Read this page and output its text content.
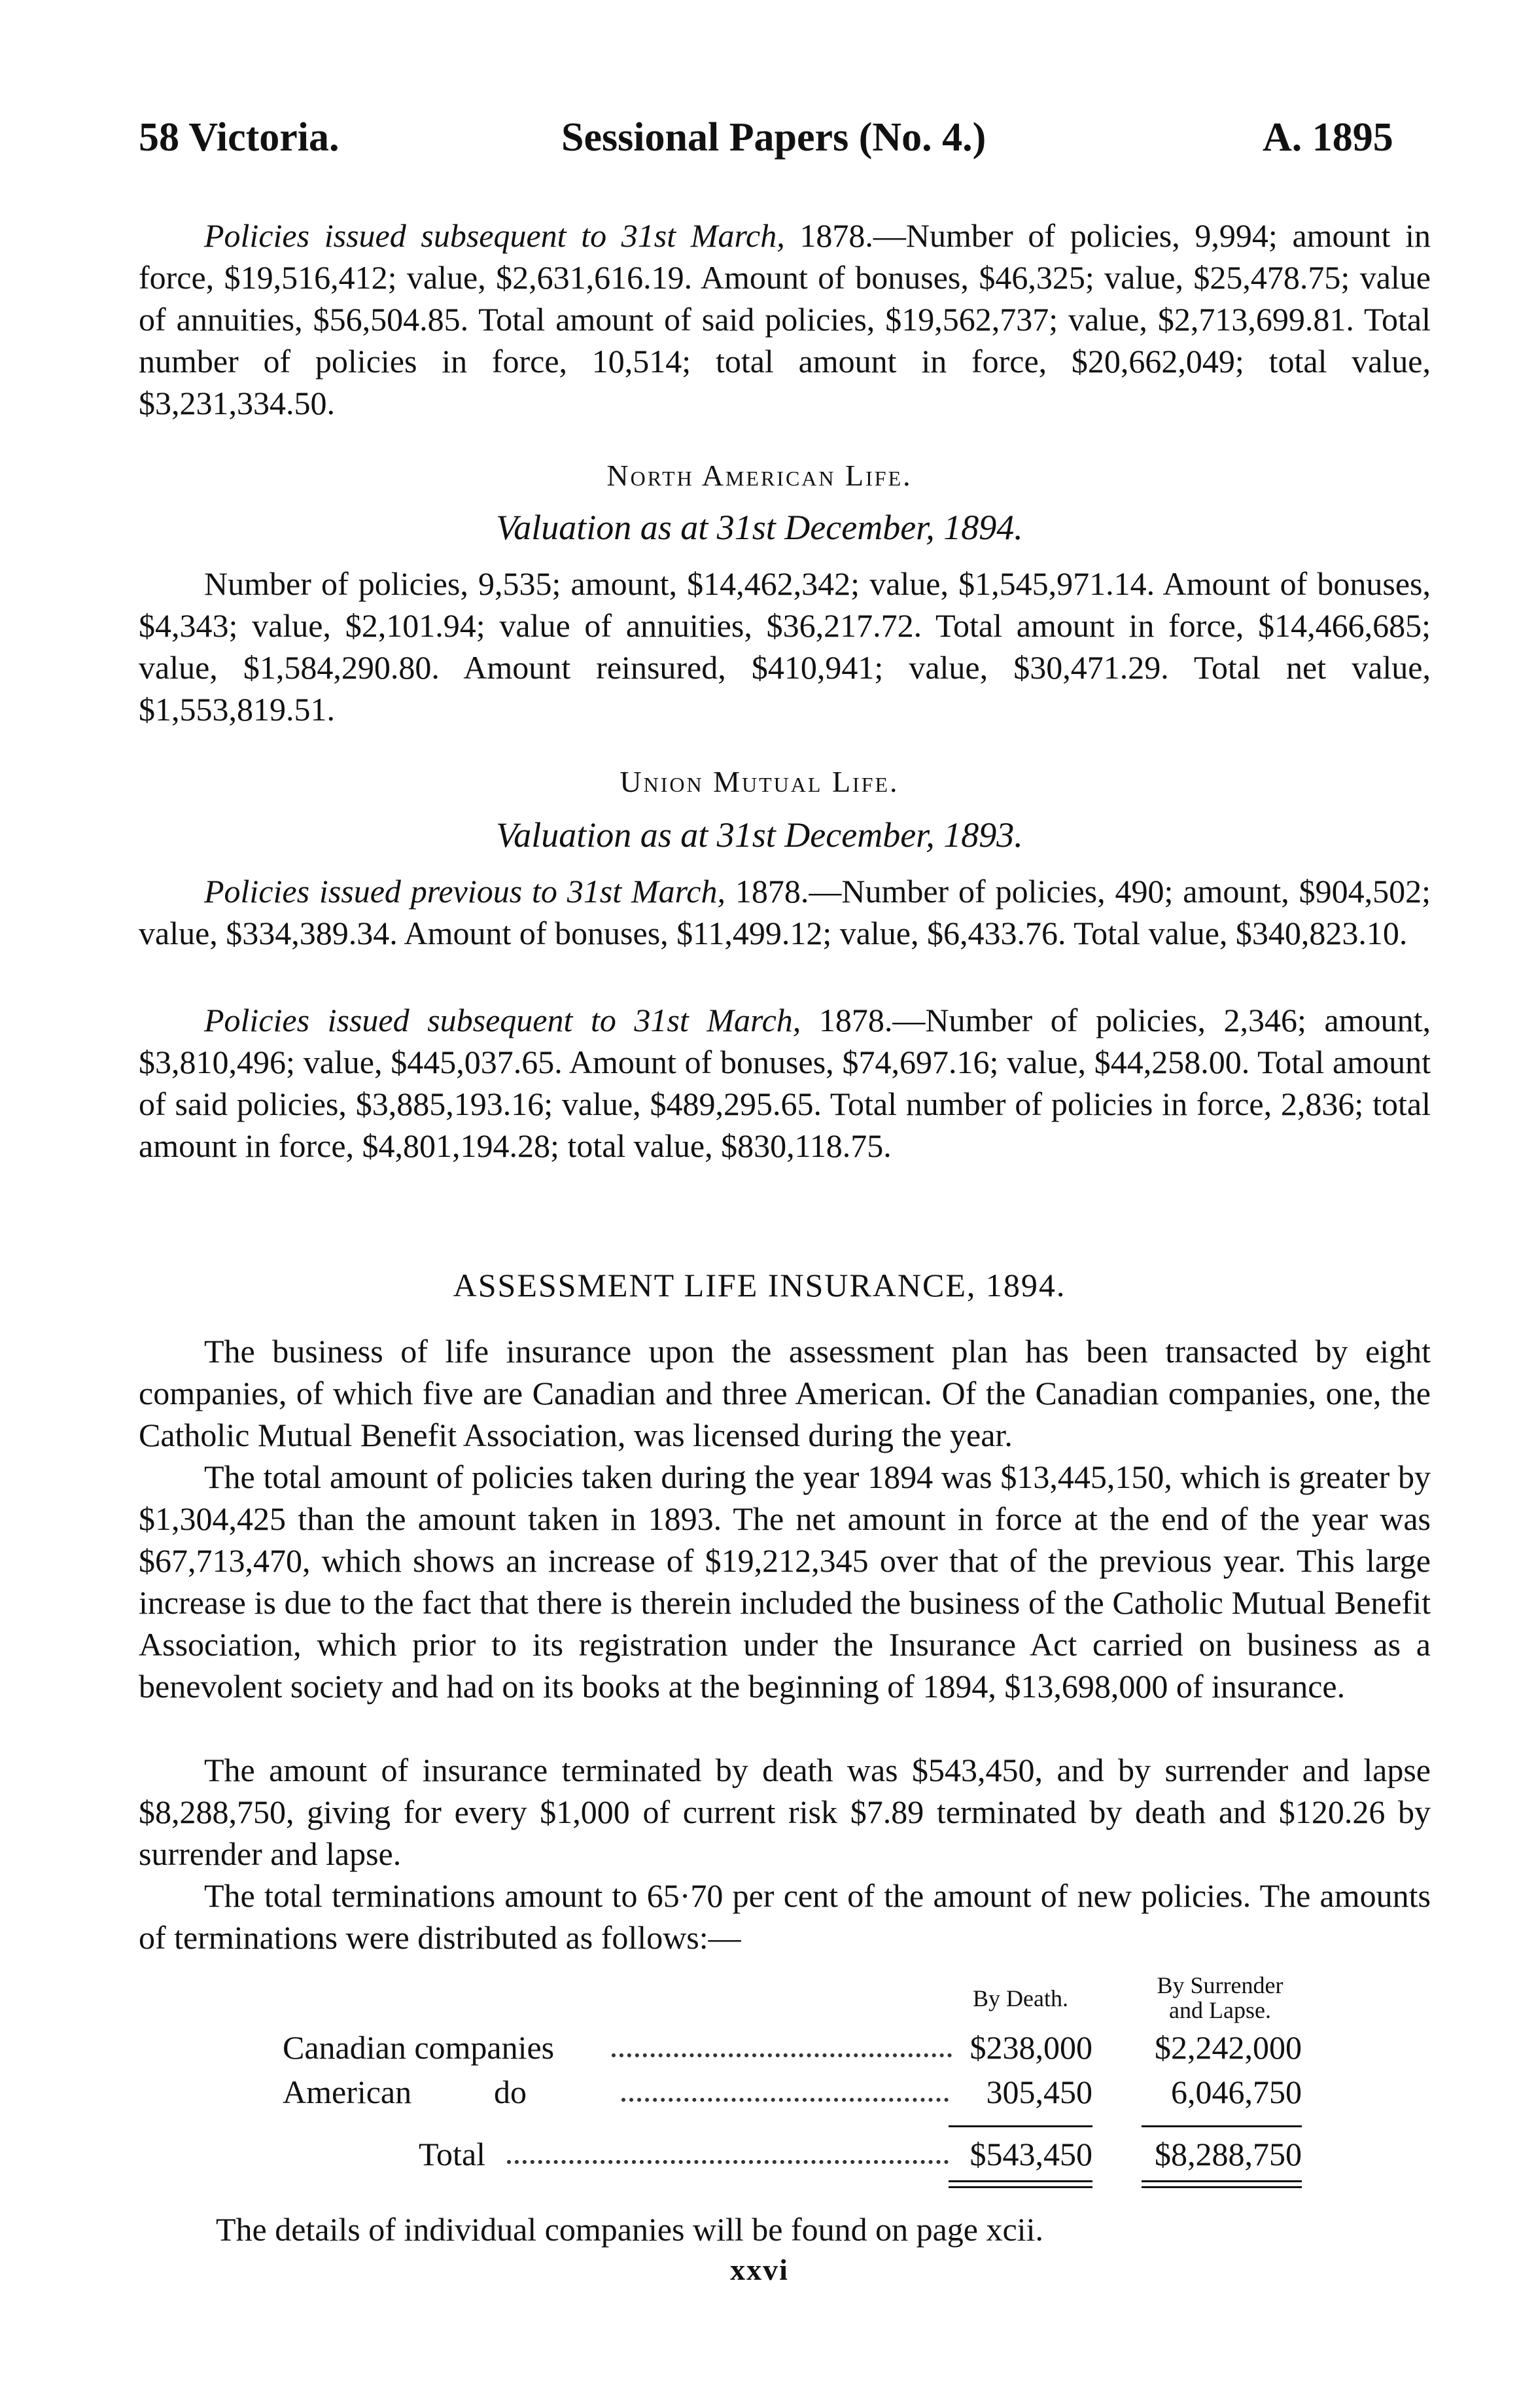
58 Victoria.	Sessional Papers (No. 4.)	A. 1895
Policies issued subsequent to 31st March, 1878.—Number of policies, 9,994; amount in force, $19,516,412; value, $2,631,616.19. Amount of bonuses, $46,325; value, $25,478.75; value of annuities, $56,504.85. Total amount of said policies, $19,562,737; value, $2,713,699.81. Total number of policies in force, 10,514; total amount in force, $20,662,049; total value, $3,231,334.50.
North American Life.
Valuation as at 31st December, 1894.
Number of policies, 9,535; amount, $14,462,342; value, $1,545,971.14. Amount of bonuses, $4,343; value, $2,101.94; value of annuities, $36,217.72. Total amount in force, $14,466,685; value, $1,584,290.80. Amount reinsured, $410,941; value, $30,471.29. Total net value, $1,553,819.51.
Union Mutual Life.
Valuation as at 31st December, 1893.
Policies issued previous to 31st March, 1878.—Number of policies, 490; amount, $904,502; value, $334,389.34. Amount of bonuses, $11,499.12; value, $6,433.76. Total value, $340,823.10.
Policies issued subsequent to 31st March, 1878.—Number of policies, 2,346; amount, $3,810,496; value, $445,037.65. Amount of bonuses, $74,697.16; value, $44,258.00. Total amount of said policies, $3,885,193.16; value, $489,295.65. Total number of policies in force, 2,836; total amount in force, $4,801,194.28; total value, $830,118.75.
ASSESSMENT LIFE INSURANCE, 1894.
The business of life insurance upon the assessment plan has been transacted by eight companies, of which five are Canadian and three American. Of the Canadian companies, one, the Catholic Mutual Benefit Association, was licensed during the year.
The total amount of policies taken during the year 1894 was $13,445,150, which is greater by $1,304,425 than the amount taken in 1893. The net amount in force at the end of the year was $67,713,470, which shows an increase of $19,212,345 over that of the previous year. This large increase is due to the fact that there is therein included the business of the Catholic Mutual Benefit Association, which prior to its registration under the Insurance Act carried on business as a benevolent society and had on its books at the beginning of 1894, $13,698,000 of insurance.
The amount of insurance terminated by death was $543,450, and by surrender and lapse $8,288,750, giving for every $1,000 of current risk $7.89 terminated by death and $120.26 by surrender and lapse.
The total terminations amount to 65·70 per cent of the amount of new policies. The amounts of terminations were distributed as follows:—
By Death.	By Surrender
and Lapse.
Canadian companies	$238,000	$2,242,000
American	do	305,450	6,046,750
Total	$543,450	$8,288,750
The details of individual companies will be found on page xcii.
xxvi
